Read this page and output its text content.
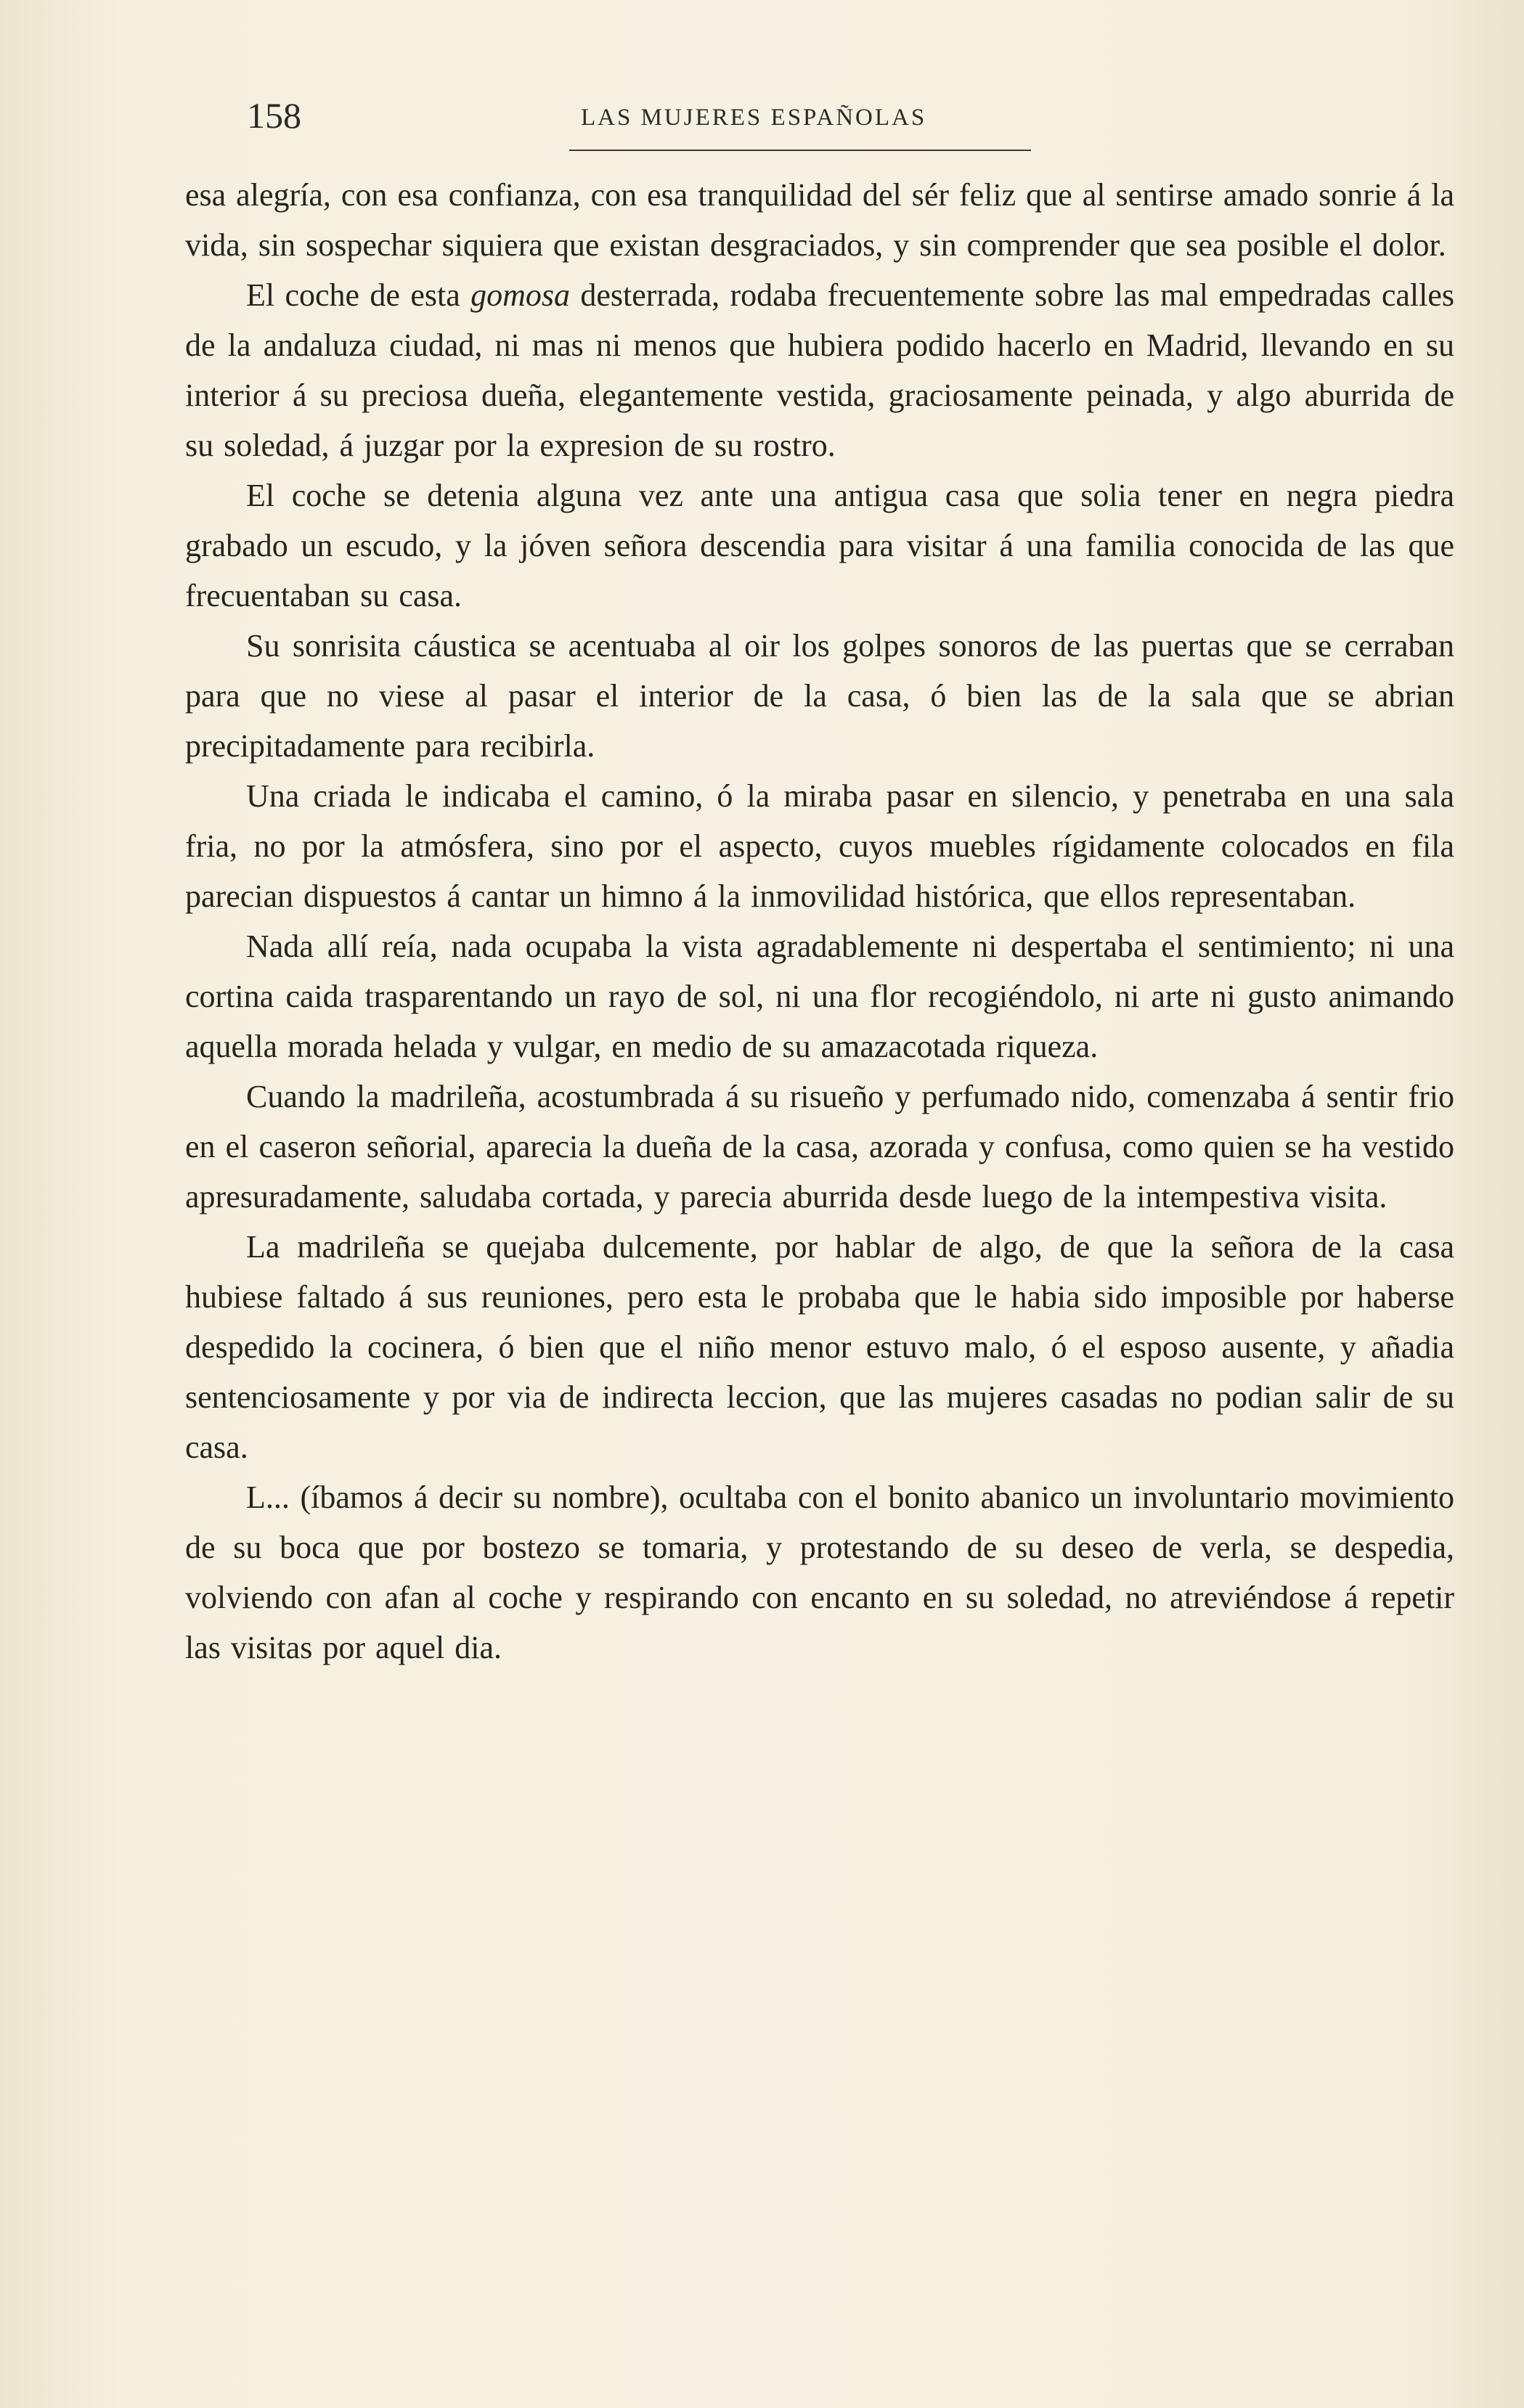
158	LAS MUJERES ESPAÑOLAS

esa alegría, con esa confianza, con esa tranquilidad del sér feliz que al sentirse amado sonrie á la vida, sin sospechar siquiera que existan desgraciados, y sin comprender que sea posible el dolor.

El coche de esta gomosa desterrada, rodaba frecuentemente sobre las mal empedradas calles de la andaluza ciudad, ni mas ni menos que hubiera podido hacerlo en Madrid, llevando en su interior á su preciosa dueña, elegantemente vestida, graciosamente peinada, y algo aburrida de su soledad, á juzgar por la expresion de su rostro.

El coche se detenia alguna vez ante una antigua casa que solia tener en negra piedra grabado un escudo, y la jóven señora descendia para visitar á una familia conocida de las que frecuentaban su casa.

Su sonrisita cáustica se acentuaba al oir los golpes sonoros de las puertas que se cerraban para que no viese al pasar el interior de la casa, ó bien las de la sala que se abrian precipitadamente para recibirla.

Una criada le indicaba el camino, ó la miraba pasar en silencio, y penetraba en una sala fria, no por la atmósfera, sino por el aspecto, cuyos muebles rígidamente colocados en fila parecian dispuestos á cantar un himno á la inmovilidad histórica, que ellos representaban.

Nada allí reía, nada ocupaba la vista agradablemente ni despertaba el sentimiento; ni una cortina caida trasparentando un rayo de sol, ni una flor recogiéndolo, ni arte ni gusto animando aquella morada helada y vulgar, en medio de su amazacotada riqueza.

Cuando la madrileña, acostumbrada á su risueño y perfumado nido, comenzaba á sentir frio en el caseron señorial, aparecia la dueña de la casa, azorada y confusa, como quien se ha vestido apresuradamente, saludaba cortada, y parecia aburrida desde luego de la intempestiva visita.

La madrileña se quejaba dulcemente, por hablar de algo, de que la señora de la casa hubiese faltado á sus reuniones, pero esta le probaba que le habia sido imposible por haberse despedido la cocinera, ó bien que el niño menor estuvo malo, ó el esposo ausente, y añadia sentenciosamente y por via de indirecta leccion, que las mujeres casadas no podian salir de su casa.

L... (íbamos á decir su nombre), ocultaba con el bonito abanico un involuntario movimiento de su boca que por bostezo se tomaria, y protestando de su deseo de verla, se despedia, volviendo con afan al coche y respirando con encanto en su soledad, no atreviéndose á repetir las visitas por aquel dia.
